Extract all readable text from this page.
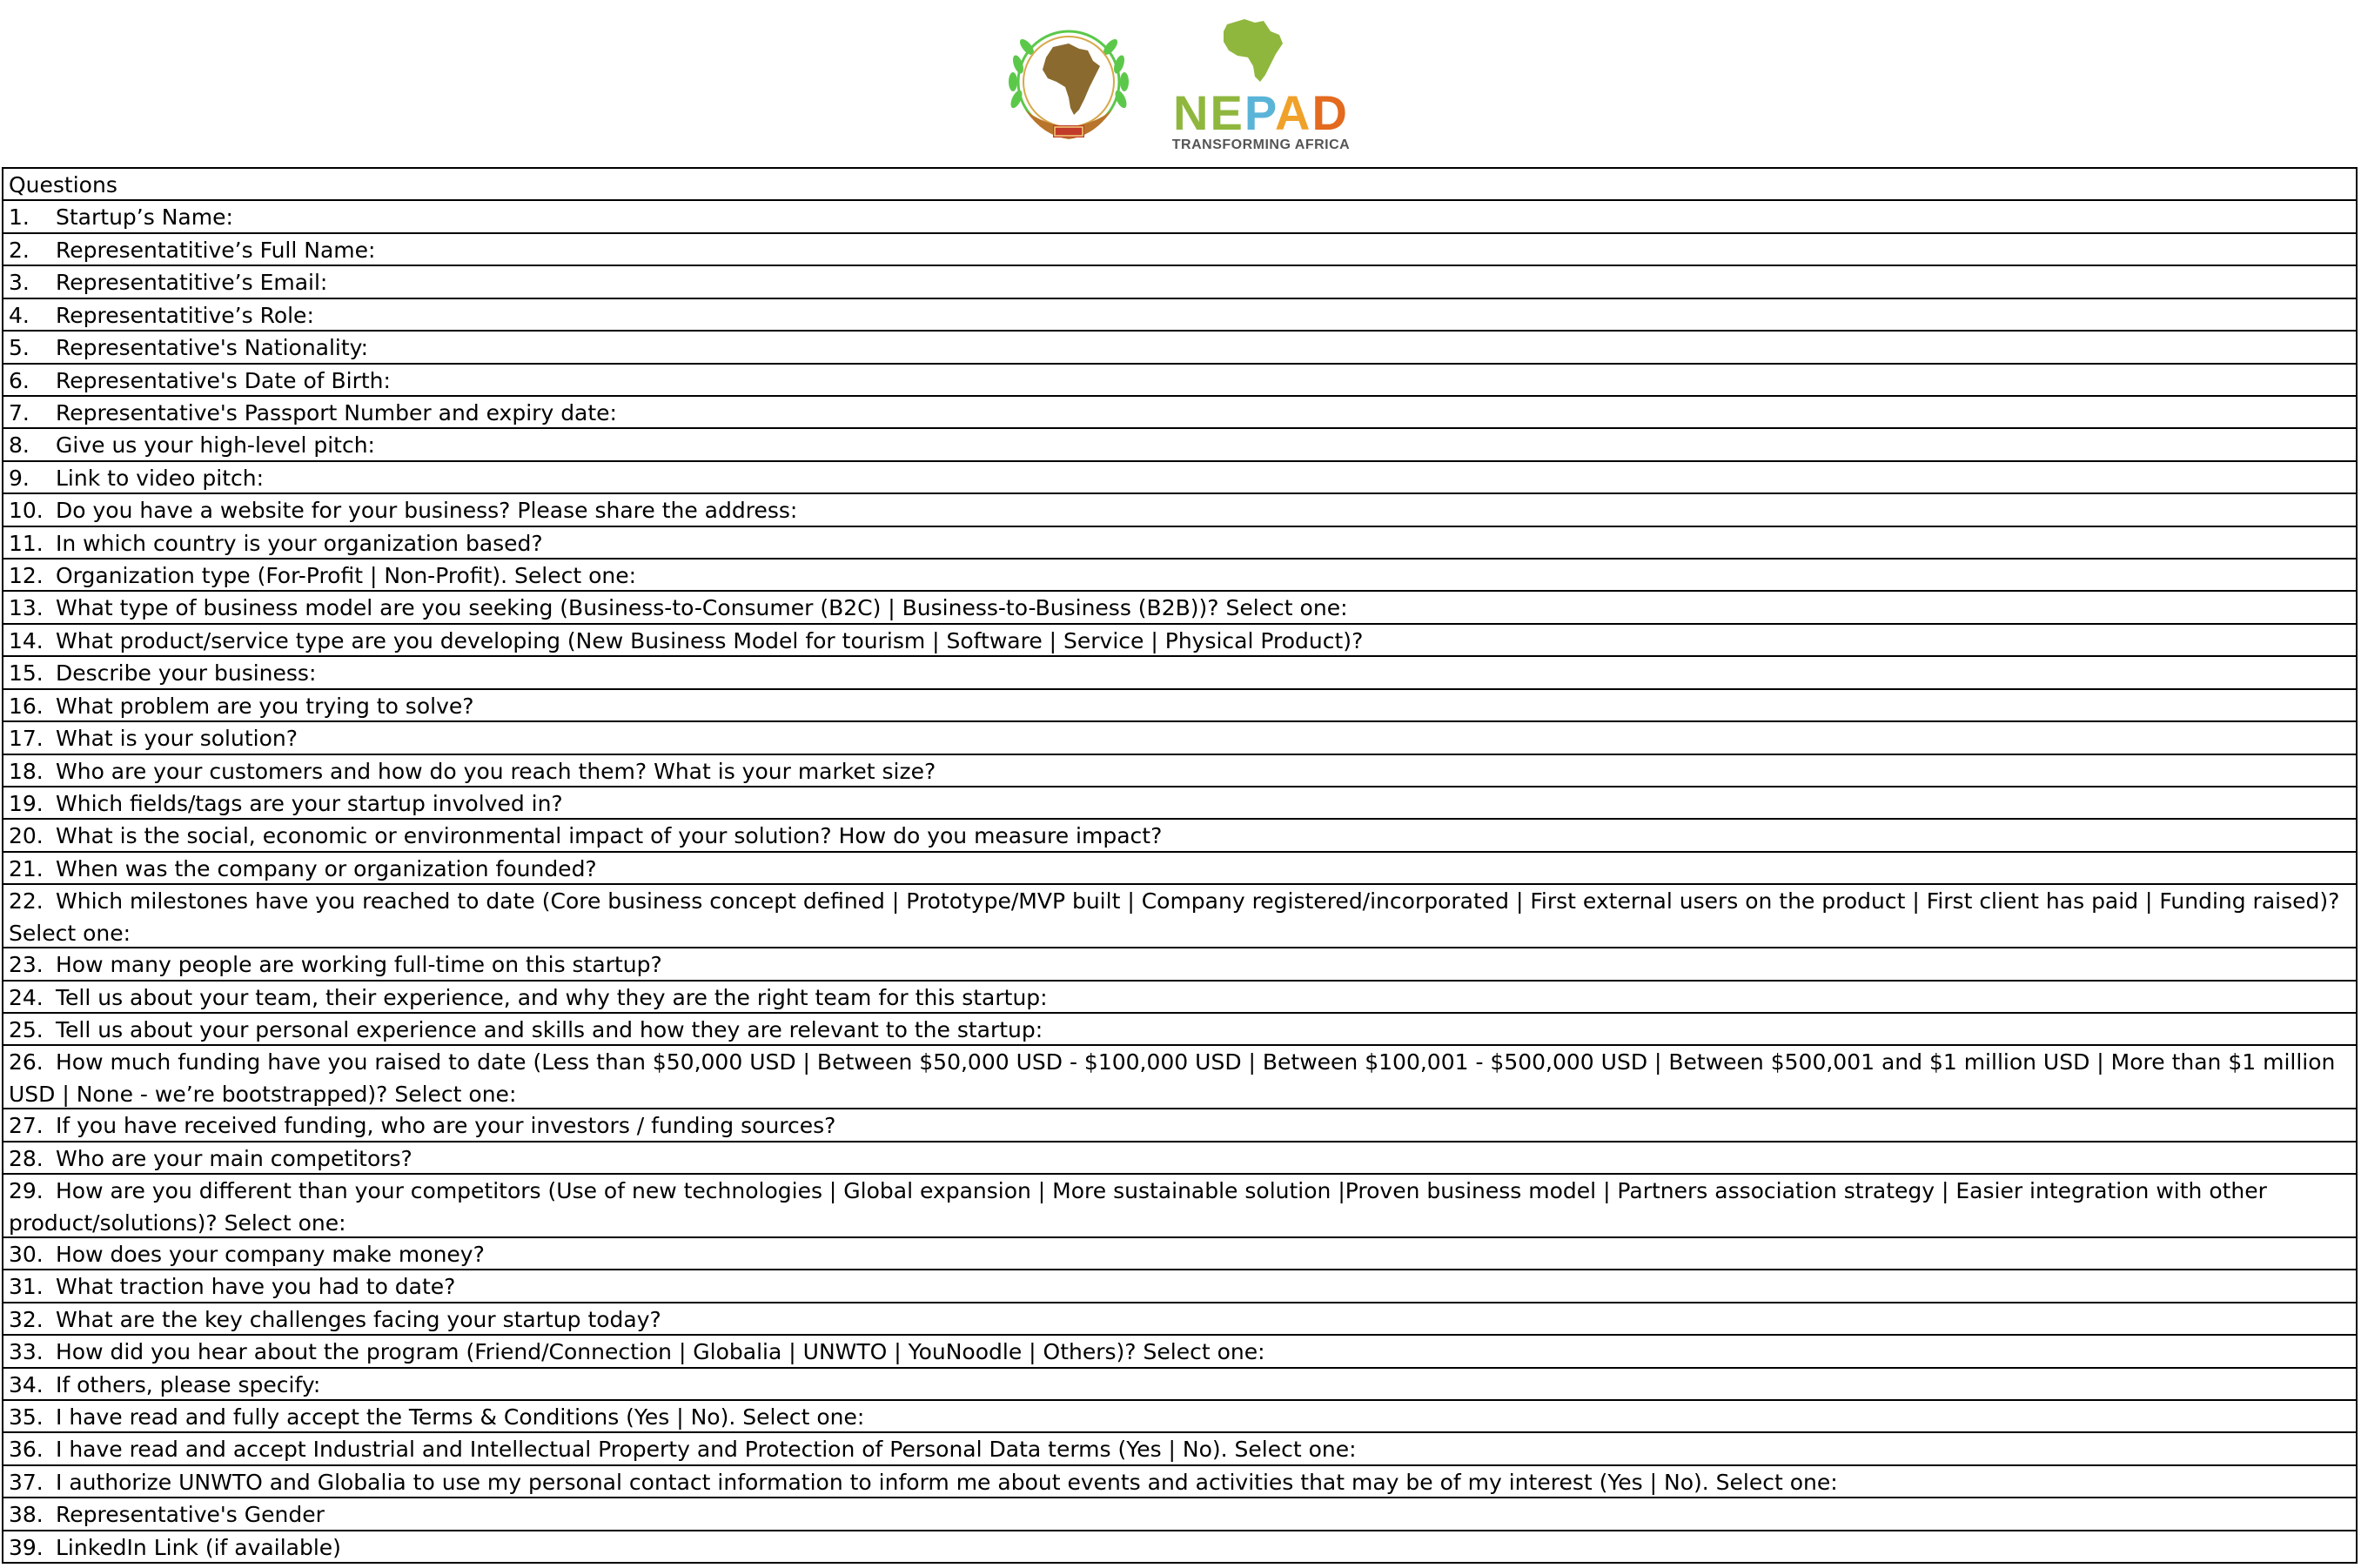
NEPAD
TRANSFORMING AFRICA
Questions
1. Startup’s Name:
2. Representatitive’s Full Name:
3. Representatitive’s Email:
4. Representatitive’s Role:
5. Representative's Nationality:
6. Representative's Date of Birth:
7. Representative's Passport Number and expiry date:
8. Give us your high-level pitch:
9. Link to video pitch:
10. Do you have a website for your business? Please share the address:
11. In which country is your organization based?
12. Organization type (For-Profit | Non-Profit). Select one:
13. What type of business model are you seeking (Business-to-Consumer (B2C) | Business-to-Business (B2B))? Select one:
14. What product/service type are you developing (New Business Model for tourism | Software | Service | Physical Product)?
15. Describe your business:
16. What problem are you trying to solve?
17. What is your solution?
18. Who are your customers and how do you reach them? What is your market size?
19. Which fields/tags are your startup involved in?
20. What is the social, economic or environmental impact of your solution? How do you measure impact?
21. When was the company or organization founded?
22. Which milestones have you reached to date (Core business concept defined | Prototype/MVP built | Company registered/incorporated | First external users on the product | First client has paid | Funding raised)? Select one:
23. How many people are working full-time on this startup?
24. Tell us about your team, their experience, and why they are the right team for this startup:
25. Tell us about your personal experience and skills and how they are relevant to the startup:
26. How much funding have you raised to date (Less than $50,000 USD | Between $50,000 USD - $100,000 USD | Between $100,001 - $500,000 USD | Between $500,001 and $1 million USD | More than $1 million USD | None - we’re bootstrapped)? Select one:
27. If you have received funding, who are your investors / funding sources?
28. Who are your main competitors?
29. How are you different than your competitors (Use of new technologies | Global expansion | More sustainable solution |Proven business model | Partners association strategy | Easier integration with other product/solutions)? Select one:
30. How does your company make money?
31. What traction have you had to date?
32. What are the key challenges facing your startup today?
33. How did you hear about the program (Friend/Connection | Globalia | UNWTO | YouNoodle | Others)? Select one:
34. If others, please specify:
35. I have read and fully accept the Terms & Conditions (Yes | No). Select one:
36. I have read and accept Industrial and Intellectual Property and Protection of Personal Data terms (Yes | No). Select one:
37. I authorize UNWTO and Globalia to use my personal contact information to inform me about events and activities that may be of my interest (Yes | No). Select one:
38. Representative's Gender
39. LinkedIn Link (if available)
